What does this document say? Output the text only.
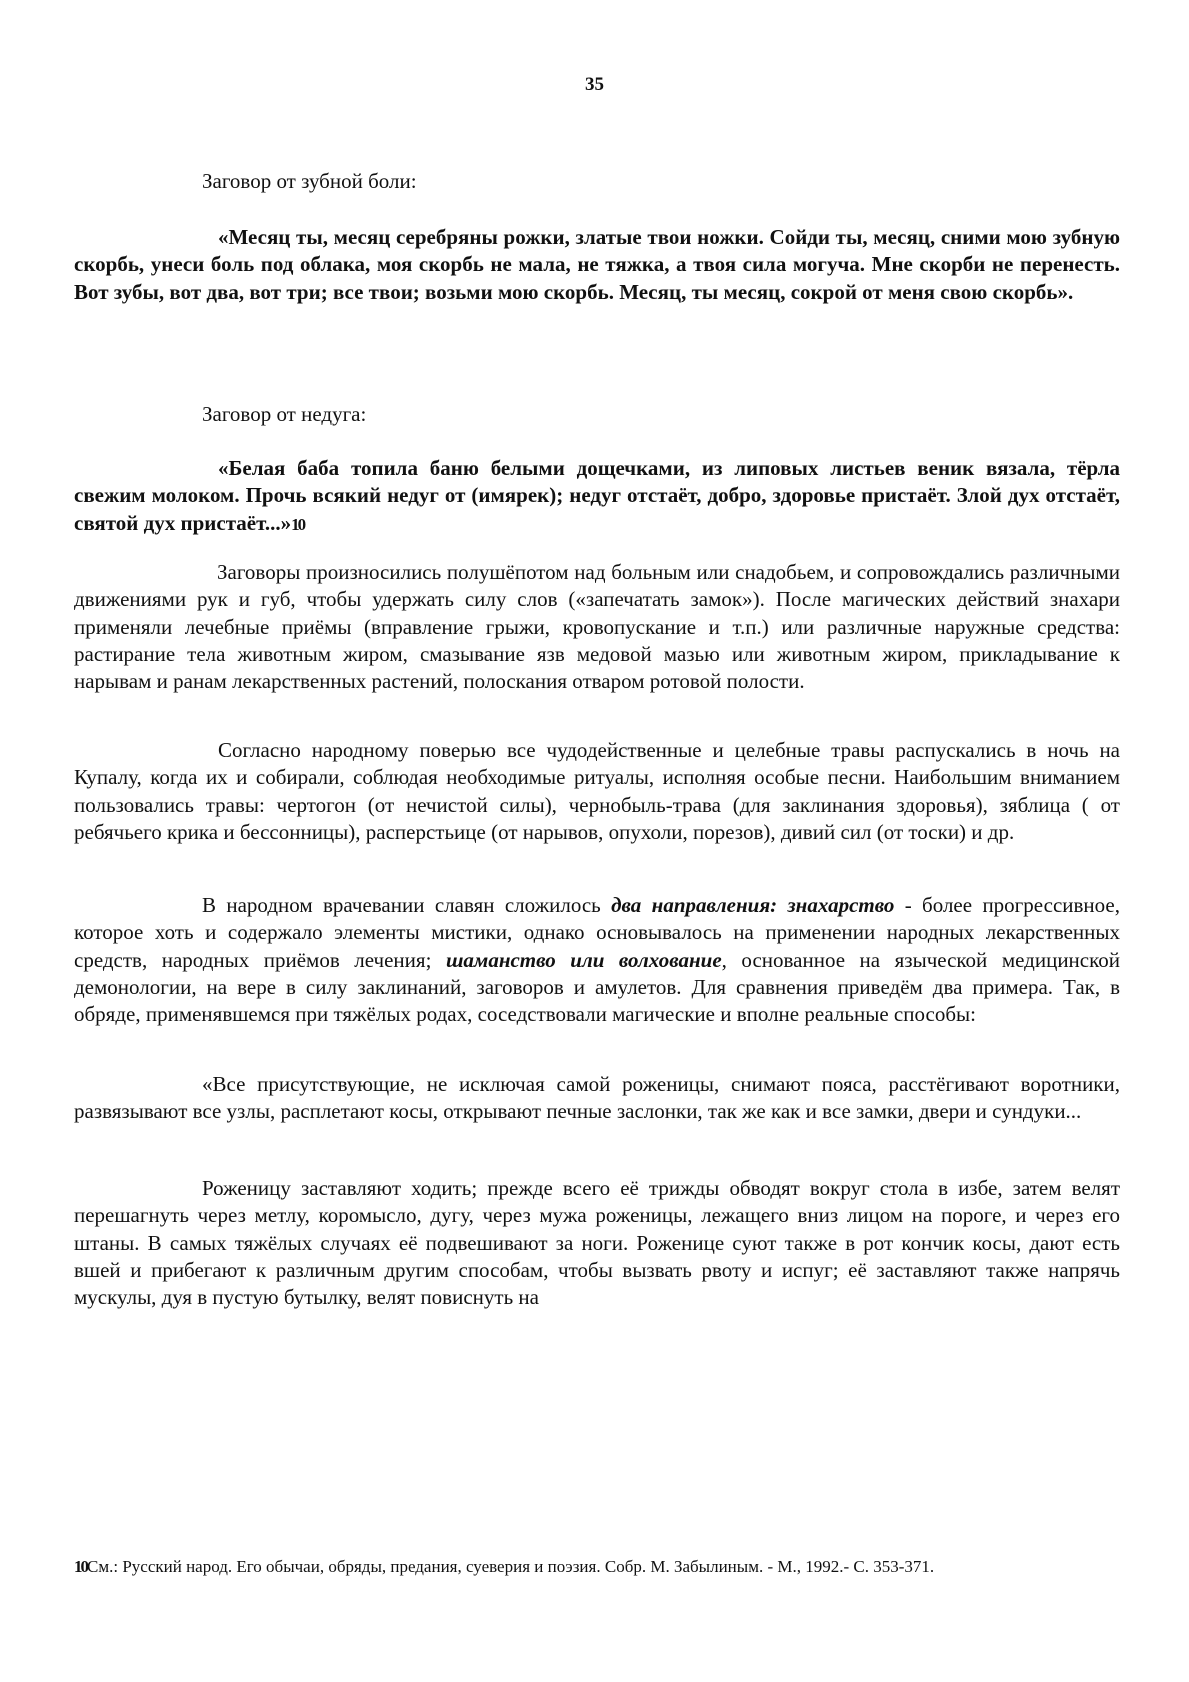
35
Заговор от зубной боли:
«Месяц ты, месяц серебряны рожки, златые твои ножки. Сойди ты, месяц, сними мою зубную скорбь, унеси боль под облака, моя скорбь не мала, не тяжка, а твоя сила могуча. Мне скорби не перенесть. Вот зубы, вот два, вот три; все твои; возьми мою скорбь. Месяц, ты месяц, сокрой от меня свою скорбь».
Заговор от недуга:
«Белая баба топила баню белыми дощечками, из липовых листьев веник вязала, тёрла свежим молоком. Прочь всякий недуг от (имярек); недуг отстаёт, добро, здоровье пристаёт. Злой дух отстаёт, святой дух пристаёт...»10
Заговоры произносились полушёпотом над больным или снадобьем, и сопровождались различными движениями рук и губ, чтобы удержать силу слов («запечатать замок»). После магических действий знахари применяли лечебные приёмы (вправление грыжи, кровопускание и т.п.) или различные наружные средства: растирание тела животным жиром, смазывание язв медовой мазью или животным жиром, прикладывание к нарывам и ранам лекарственных растений, полоскания отваром ротовой полости.
Согласно народному поверью все чудодейственные и целебные травы распускались в ночь на Купалу, когда их и собирали, соблюдая необходимые ритуалы, исполняя особые песни. Наибольшим вниманием пользовались травы: чертогон (от нечистой силы), чернобыль-трава (для заклинания здоровья), зяблица ( от ребячьего крика и бессонницы), расперстьице (от нарывов, опухоли, порезов), дивий сил (от тоски) и др.
В народном врачевании славян сложилось два направления: знахарство - более прогрессивное, которое хоть и содержало элементы мистики, однако основывалось на применении народных лекарственных средств, народных приёмов лечения; шаманство или волхование, основанное на языческой медицинской демонологии, на вере в силу заклинаний, заговоров и амулетов. Для сравнения приведём два примера. Так, в обряде, применявшемся при тяжёлых родах, соседствовали магические и вполне реальные способы:
«Все присутствующие, не исключая самой роженицы, снимают пояса, расстёгивают воротники, развязывают все узлы, расплетают косы, открывают печные заслонки, так же как и все замки, двери и сундуки...
Роженицу заставляют ходить; прежде всего её трижды обводят вокруг стола в избе, затем велят перешагнуть через метлу, коромысло, дугу, через мужа роженицы, лежащего вниз лицом на пороге, и через его штаны. В самых тяжёлых случаях её подвешивают за ноги. Роженице суют также в рот кончик косы, дают есть вшей и прибегают к различным другим способам, чтобы вызвать рвоту и испуг; её заставляют также напрячь мускулы, дуя в пустую бутылку, велят повиснуть на
10См.: Русский народ. Его обычаи, обряды, предания, суеверия и поэзия. Собр. М. Забылиным. - М., 1992.- С. 353-371.
